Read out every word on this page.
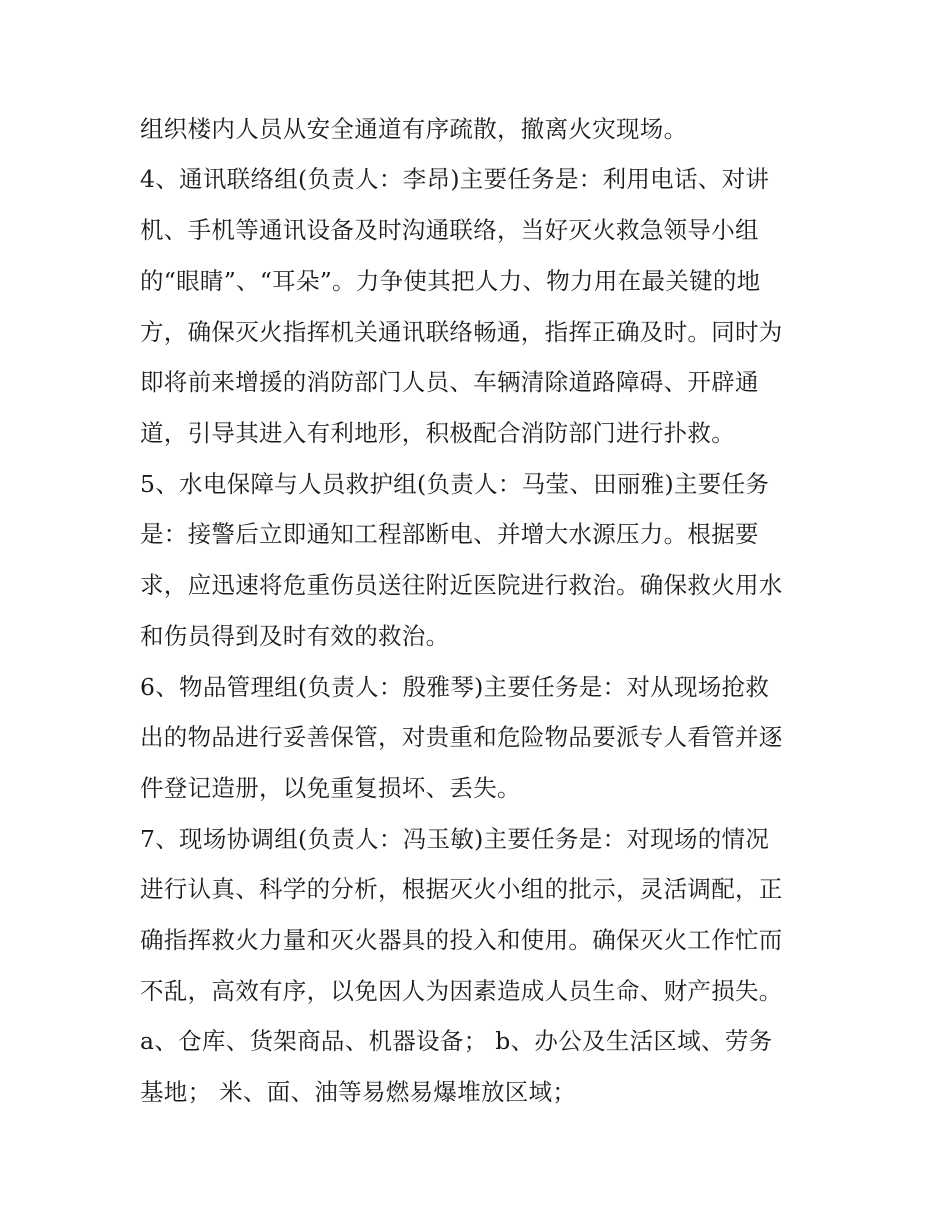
组织楼内人员从安全通道有序疏散，撤离火灾现场。
4、通讯联络组(负责人：李昂)主要任务是：利用电话、对讲
机、手机等通讯设备及时沟通联络，当好灭火救急领导小组
的“眼睛”、“耳朵”。力争使其把人力、物力用在最关键的地
方，确保灭火指挥机关通讯联络畅通，指挥正确及时。同时为
即将前来增援的消防部门人员、车辆清除道路障碍、开辟通
道，引导其进入有利地形，积极配合消防部门进行扑救。
5、水电保障与人员救护组(负责人：马莹、田丽雅)主要任务
是：接警后立即通知工程部断电、并增大水源压力。根据要
求，应迅速将危重伤员送往附近医院进行救治。确保救火用水
和伤员得到及时有效的救治。
6、物品管理组(负责人：殷雅琴)主要任务是：对从现场抢救
出的物品进行妥善保管，对贵重和危险物品要派专人看管并逐
件登记造册，以免重复损坏、丢失。
7、现场协调组(负责人：冯玉敏)主要任务是：对现场的情况
进行认真、科学的分析，根据灭火小组的批示，灵活调配，正
确指挥救火力量和灭火器具的投入和使用。确保灭火工作忙而
不乱，高效有序，以免因人为因素造成人员生命、财产损失。
a、仓库、货架商品、机器设备； b、办公及生活区域、劳务
基地； 米、面、油等易燃易爆堆放区域；
